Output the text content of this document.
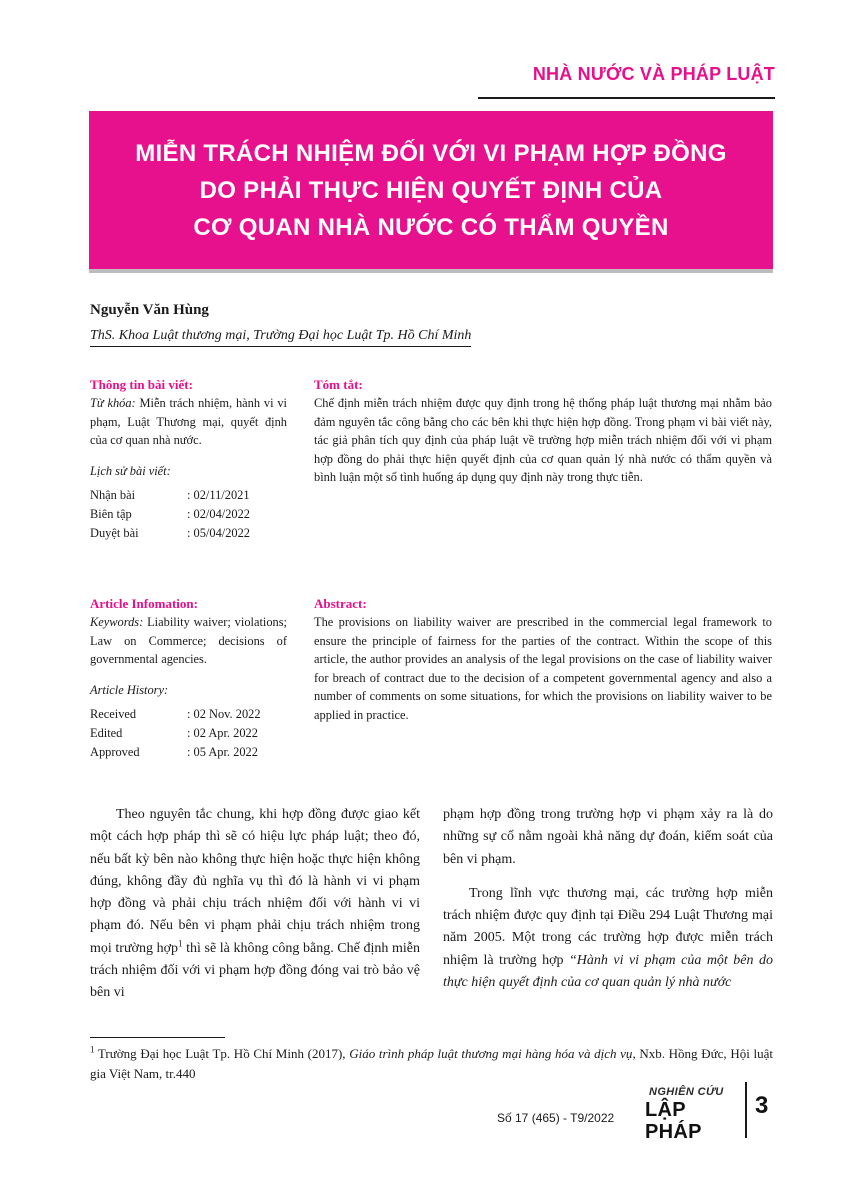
NHÀ NƯỚC VÀ PHÁP LUẬT
MIỄN TRÁCH NHIỆM ĐỐI VỚI VI PHẠM HỢP ĐỒNG
DO PHẢI THỰC HIỆN QUYẾT ĐỊNH CỦA
CƠ QUAN NHÀ NƯỚC CÓ THẨM QUYỀN
Nguyễn Văn Hùng
ThS. Khoa Luật thương mại, Trường Đại học Luật Tp. Hồ Chí Minh
Thông tin bài viết:
Từ khóa: Miễn trách nhiệm, hành vi vi phạm, Luật Thương mại, quyết định của cơ quan nhà nước.
Lịch sử bài viết:
Nhận bài	: 02/11/2021
Biên tập	: 02/04/2022
Duyệt bài	: 05/04/2022
Tóm tắt:
Chế định miễn trách nhiệm được quy định trong hệ thống pháp luật thương mại nhằm bảo đảm nguyên tắc công bằng cho các bên khi thực hiện hợp đồng. Trong phạm vi bài viết này, tác giả phân tích quy định của pháp luật về trường hợp miễn trách nhiệm đối với vi phạm hợp đồng do phải thực hiện quyết định của cơ quan quản lý nhà nước có thẩm quyền và bình luận một số tình huống áp dụng quy định này trong thực tiễn.
Article Infomation:
Keywords: Liability waiver; violations; Law on Commerce; decisions of governmental agencies.
Article History:
Received	: 02 Nov. 2022
Edited	: 02 Apr. 2022
Approved	: 05 Apr. 2022
Abstract:
The provisions on liability waiver are prescribed in the commercial legal framework to ensure the principle of fairness for the parties of the contract. Within the scope of this article, the author provides an analysis of the legal provisions on the case of liability waiver for breach of contract due to the decision of a competent governmental agency and also a number of comments on some situations, for which the provisions on liability waiver to be applied in practice.

Theo nguyên tắc chung, khi hợp đồng được giao kết một cách hợp pháp thì sẽ có hiệu lực pháp luật; theo đó, nếu bất kỳ bên nào không thực hiện hoặc thực hiện không đúng, không đầy đủ nghĩa vụ thì đó là hành vi vi phạm hợp đồng và phải chịu trách nhiệm đối với hành vi vi phạm đó. Nếu bên vi phạm phải chịu trách nhiệm trong mọi trường hợp$^1$ thì sẽ là không công bằng. Chế định miễn trách nhiệm đối với vi phạm hợp đồng đóng vai trò bảo vệ bên vi

phạm hợp đồng trong trường hợp vi phạm xảy ra là do những sự cố nằm ngoài khả năng dự đoán, kiểm soát của bên vi phạm.

Trong lĩnh vực thương mại, các trường hợp miễn trách nhiệm được quy định tại Điều 294 Luật Thương mại năm 2005. Một trong các trường hợp được miễn trách nhiệm là trường hợp “Hành vi vi phạm của một bên do thực hiện quyết định của cơ quan quản lý nhà nước

$^1$ Trường Đại học Luật Tp. Hồ Chí Minh (2017), Giáo trình pháp luật thương mại hàng hóa và dịch vụ, Nxb. Hồng Đức, Hội luật gia Việt Nam, tr.440
Số 17 (465) - T9/2022
NGHIÊN CỨU
LẬP PHÁP
3
